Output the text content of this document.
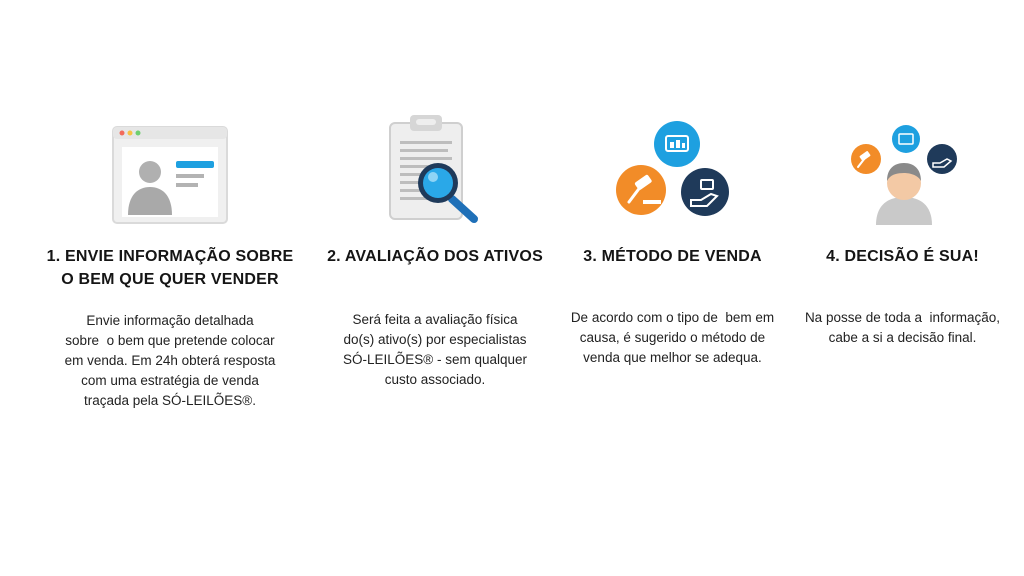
1. ENVIE INFORMAÇÃO SOBRE
O BEM QUE QUER VENDER
Envie informação detalhada
sobre  o bem que pretende colocar
em venda. Em 24h obterá resposta
com uma estratégia de venda
traçada pela SÓ-LEILÕES®.
2. AVALIAÇÃO DOS ATIVOS
Será feita a avaliação física
do(s) ativo(s) por especialistas
SÓ-LEILÕES® - sem qualquer
custo associado.
3. MÉTODO DE VENDA
De acordo com o tipo de  bem em
causa, é sugerido o método de
venda que melhor se adequa.
4. DECISÃO É SUA!
Na posse de toda a  informação,
cabe a si a decisão final.
